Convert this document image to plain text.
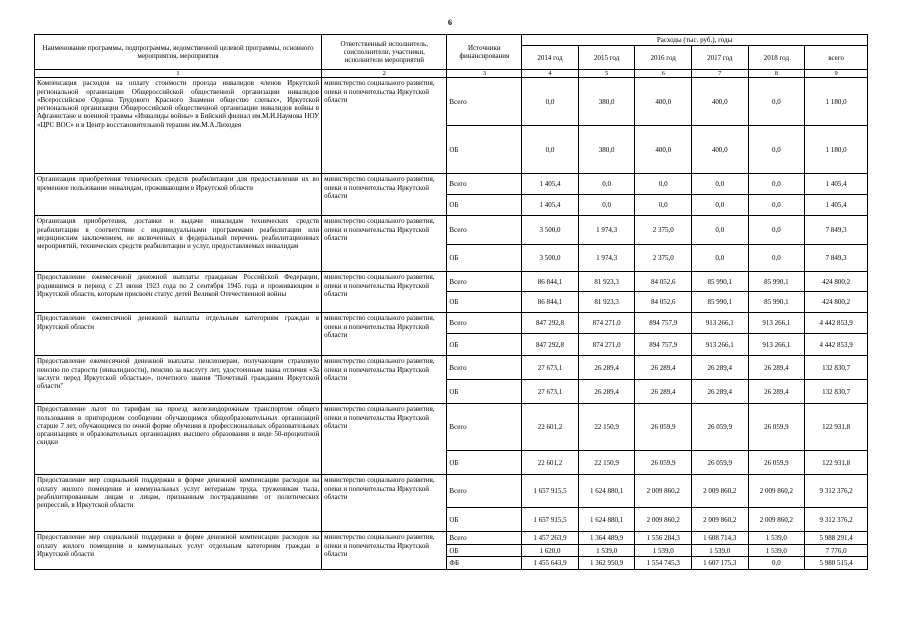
6
Наименование программы, подпрограммы, ведомственной целевой программы, основного мероприятия, мероприятия	Ответственный исполнитель, соисполнители, участники, исполнители мероприятий	Источники финансирования	Расходы (тыс. руб.), годы					
			2014 год	2015 год	2016 год	2017 год	2018 год	всего
1	2	3	4	5	6	7	8	9
Компенсация расходов на оплату стоимости проезда инвалидов членов Иркутской региональной организации Общероссийской общественной организации инвалидов «Всероссийское Ордена Трудового Красного Знамени общество слепых», Иркутской региональной организации Общероссийской общественной организации инвалидов войны в Афганистане и военной травмы «Инвалиды войны» в Бийский филиал им.М.И.Наумова НОУ «ЦРС ВОС» и в Центр восстановительной терапии им.М.А.Лиходея	министерство социального развития, опеки и попечительства Иркутской области	Всего	0,0	380,0	400,0	400,0	0,0	1 180,0
		ОБ	0,0	380,0	400,0	400,0	0,0	1 180,0
Организация приобретения технических средств реабилитации для предоставления их во временное пользование инвалидам, проживающим в Иркутской области	министерство социального развития, опеки и попечительства Иркутской области	Всего	1 405,4	0,0	0,0	0,0	0,0	1 405,4
		ОБ	1 405,4	0,0	0,0	0,0	0,0	1 405,4
Организация приобретения, доставки и выдачи инвалидам технических средств реабилитации в соответствии с индивидуальными программами реабилитации или медицинским заключением, не включенных в федеральный перечень реабилитационных мероприятий, технических средств реабилитации и услуг, предоставляемых инвалидам	министерство социального развития, опеки и попечительства Иркутской области	Всего	3 500,0	1 974,3	2 375,0	0,0	0,0	7 849,3
		ОБ	3 500,0	1 974,3	2 375,0	0,0	0,0	7 849,3
Предоставление ежемесячной денежной выплаты гражданам Российской Федерации, родившимся в период с 23 июня 1923 года по 2 сентября 1945 года и проживающим в Иркутской области, которым присвоен статус детей Великой Отечественной войны	министерство социального развития, опеки и попечительства Иркутской области	Всего	86 844,1	81 923,3	84 052,6	85 990,1	85 990,1	424 800,2
		ОБ	86 844,1	81 923,3	84 052,6	85 990,1	85 990,1	424 800,2
Предоставление ежемесячной денежной выплаты отдельным категориям граждан в Иркутской области	министерство социального развития, опеки и попечительства Иркутской области	Всего	847 292,8	874 271,0	894 757,9	913 266,1	913 266,1	4 442 853,9
		ОБ	847 292,8	874 271,0	894 757,9	913 266,1	913 266,1	4 442 853,9
Предоставление ежемесячной денежной выплаты пенсионерам, получающим страховую пенсию по старости (инвалидности), пенсию за выслугу лет, удостоенным знака отличия «За заслуги перед Иркутской областью», почетного звания "Почетный гражданин Иркутской области"	министерство социального развития, опеки и попечительства Иркутской области	Всего	27 673,1	26 289,4	26 289,4	26 289,4	26 289,4	132 830,7
		ОБ	27 673,1	26 289,4	26 289,4	26 289,4	26 289,4	132 830,7
Предоставление льгот по тарифам на проезд железнодорожным транспортом общего пользования в пригородном сообщении обучающимся общеобразовательных организаций старше 7 лет, обучающимся по очной форме обучения в профессиональных образовательных организациях и образовательных организациях высшего образования в виде 50-процентной скидки	министерство социального развития, опеки и попечительства Иркутской области	Всего	22 601,2	22 150,9	26 059,9	26 059,9	26 059,9	122 931,8
		ОБ	22 601,2	22 150,9	26 059,9	26 059,9	26 059,9	122 931,8
Предоставление мер социальной поддержки в форме денежной компенсации расходов на оплату жилого помещения и коммунальных услуг ветеранам труда, труженикам тыла, реабилитированным лицам и лицам, признанным пострадавшими от политических репрессий, в Иркутской области	министерство социального развития, опеки и попечительства Иркутской области	Всего	1 657 915,5	1 624 880,1	2 009 860,2	2 009 860,2	2 009 860,2	9 312 376,2
		ОБ	1 657 915,5	1 624 880,1	2 009 860,2	2 009 860,2	2 009 860,2	9 312 376,2
Предоставление мер социальной поддержки в форме денежной компенсации расходов на оплату жилого помещения и коммунальных услуг отдельным категориям граждан в Иркутской области	министерство социального развития, опеки и попечительства Иркутской области	Всего	1 457 263,9	1 364 489,9	1 556 284,3	1 608 714,3	1 539,0	5 988 291,4
		ОБ	1 620,0	1 539,0	1 539,0	1 539,0	1 539,0	7 776,0
		ФБ	1 455 643,9	1 362 950,9	1 554 745,3	1 607 175,3	0,0	5 980 515,4
